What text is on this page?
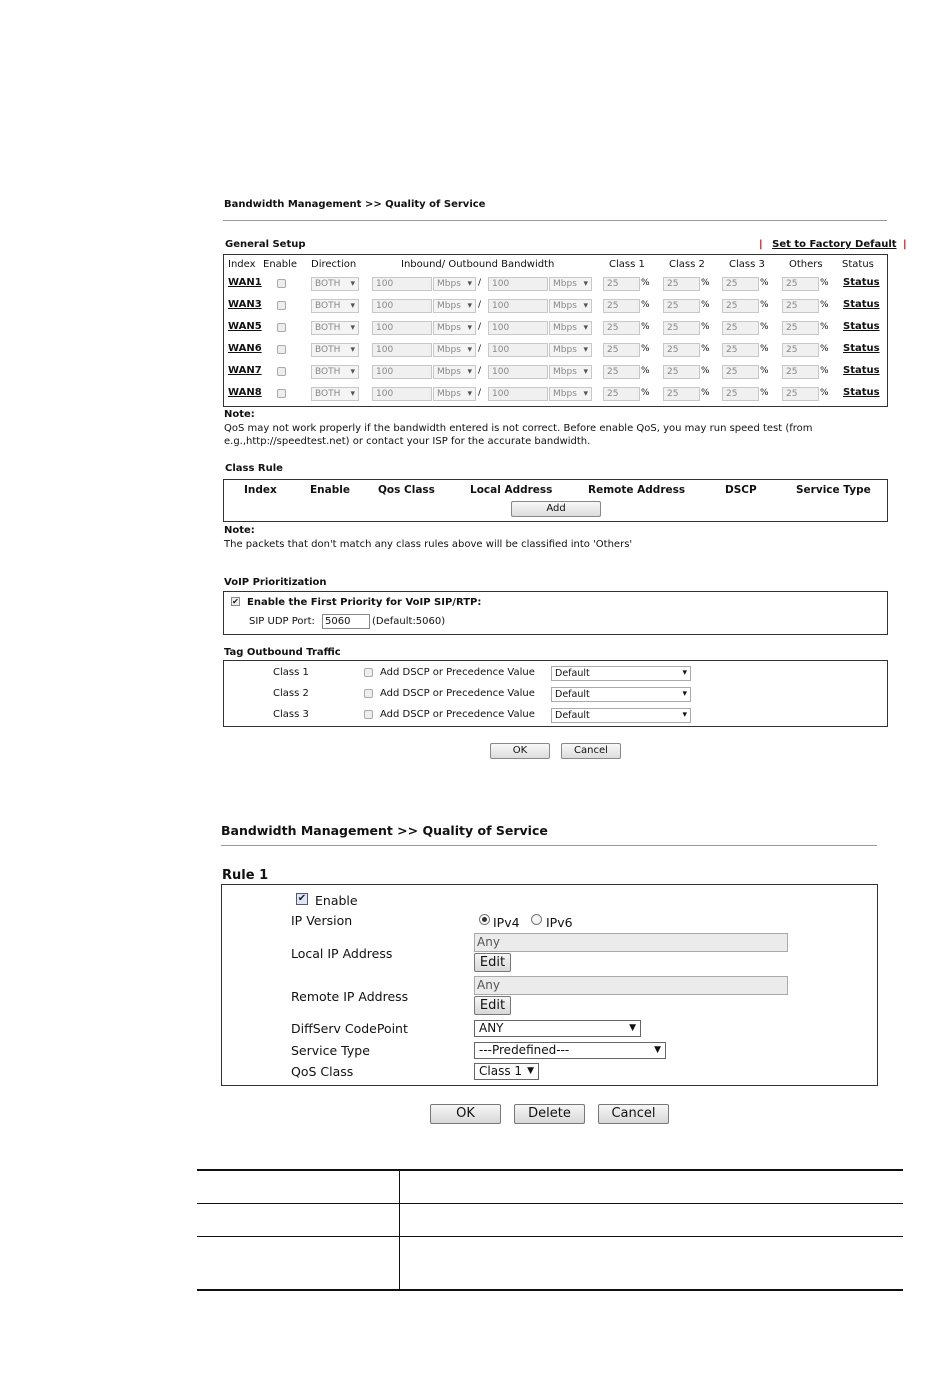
Bandwidth Management >> Quality of Service
General Setup	| Set to Factory Default |
Index Enable Direction	Inbound/ Outbound Bandwidth	Class 1 Class 2 Class 3 Others Status
WAN1	BOTH ▾	100	Mbps ▾	/	100	Mbps ▾	25	%	25	%	25	%	25	% Status
WAN3	BOTH ▾	100	Mbps ▾	/	100	Mbps ▾	25	%	25	%	25	%	25	% Status
WAN5	BOTH ▾	100	Mbps ▾	/	100	Mbps ▾	25	%	25	%	25	%	25	% Status
WAN6	BOTH ▾	100	Mbps ▾	/	100	Mbps ▾	25	%	25	%	25	%	25	% Status
WAN7	BOTH ▾	100	Mbps ▾	/	100	Mbps ▾	25	%	25	%	25	%	25	% Status
WAN8	BOTH ▾	100	Mbps ▾	/	100	Mbps ▾	25	%	25	%	25	%	25	% Status
Note:
QoS may not work properly if the bandwidth entered is not correct. Before enable QoS, you may run speed test (from
e.g.,http://speedtest.net) or contact your ISP for the accurate bandwidth.
Class Rule
Index	Enable	Qos Class	Local Address	Remote Address	DSCP	Service Type
Add
Note:
The packets that don't match any class rules above will be classified into 'Others'
VoIP Prioritization
✔ Enable the First Priority for VoIP SIP/RTP:
SIP UDP Port:	5060	(Default:5060)
Tag Outbound Traffic
Class 1	Add DSCP or Precedence Value	Default ▾
Class 2	Add DSCP or Precedence Value	Default ▾
Class 3	Add DSCP or Precedence Value	Default ▾
OK	Cancel
Bandwidth Management >> Quality of Service
Rule 1
✔ Enable
IP Version	IPv4 IPv6
Local IP Address
Any
Edit
Remote IP Address
Any
Edit
DiffServ CodePoint	ANY ▼
Service Type	---Predefined--- ▼
QoS Class	Class 1 ▼
OK	Delete	Cancel
